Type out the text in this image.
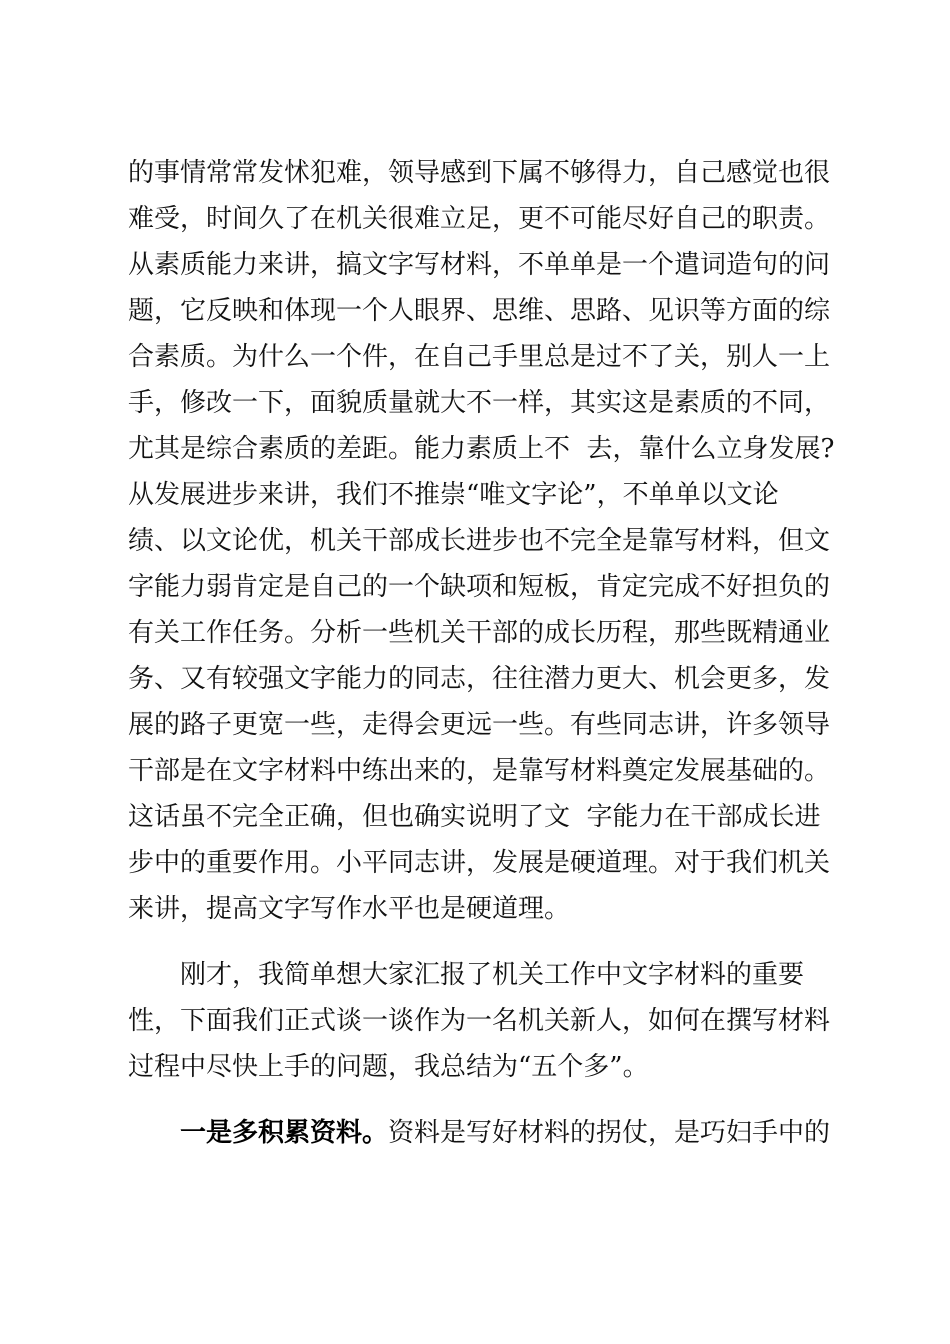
的事情常常发怵犯难，领导感到下属不够得力，自己感觉也很
难受，时间久了在机关很难立足，更不可能尽好自己的职责。
从素质能力来讲，搞文字写材料，不单单是一个遣词造句的问
题，它反映和体现一个人眼界、思维、思路、见识等方面的综
合素质。为什么一个件，在自己手里总是过不了关，别人一上
手，修改一下，面貌质量就大不一样，其实这是素质的不同，
尤其是综合素质的差距。能力素质上不  去，靠什么立身发展?
从发展进步来讲，我们不推崇“唯文字论”，不单单以文论
绩、以文论优，机关干部成长进步也不完全是靠写材料，但文
字能力弱肯定是自己的一个缺项和短板，肯定完成不好担负的
有关工作任务。分析一些机关干部的成长历程，那些既精通业
务、又有较强文字能力的同志，往往潜力更大、机会更多，发
展的路子更宽一些，走得会更远一些。有些同志讲，许多领导
干部是在文字材料中练出来的，是靠写材料奠定发展基础的。
这话虽不完全正确，但也确实说明了文  字能力在干部成长进
步中的重要作用。小平同志讲，发展是硬道理。对于我们机关
来讲，提高文字写作水平也是硬道理。
刚才，我简单想大家汇报了机关工作中文字材料的重要
性，下面我们正式谈一谈作为一名机关新人，如何在撰写材料
过程中尽快上手的问题，我总结为“五个多”。
一是多积累资料。资料是写好材料的拐仗，是巧妇手中的
